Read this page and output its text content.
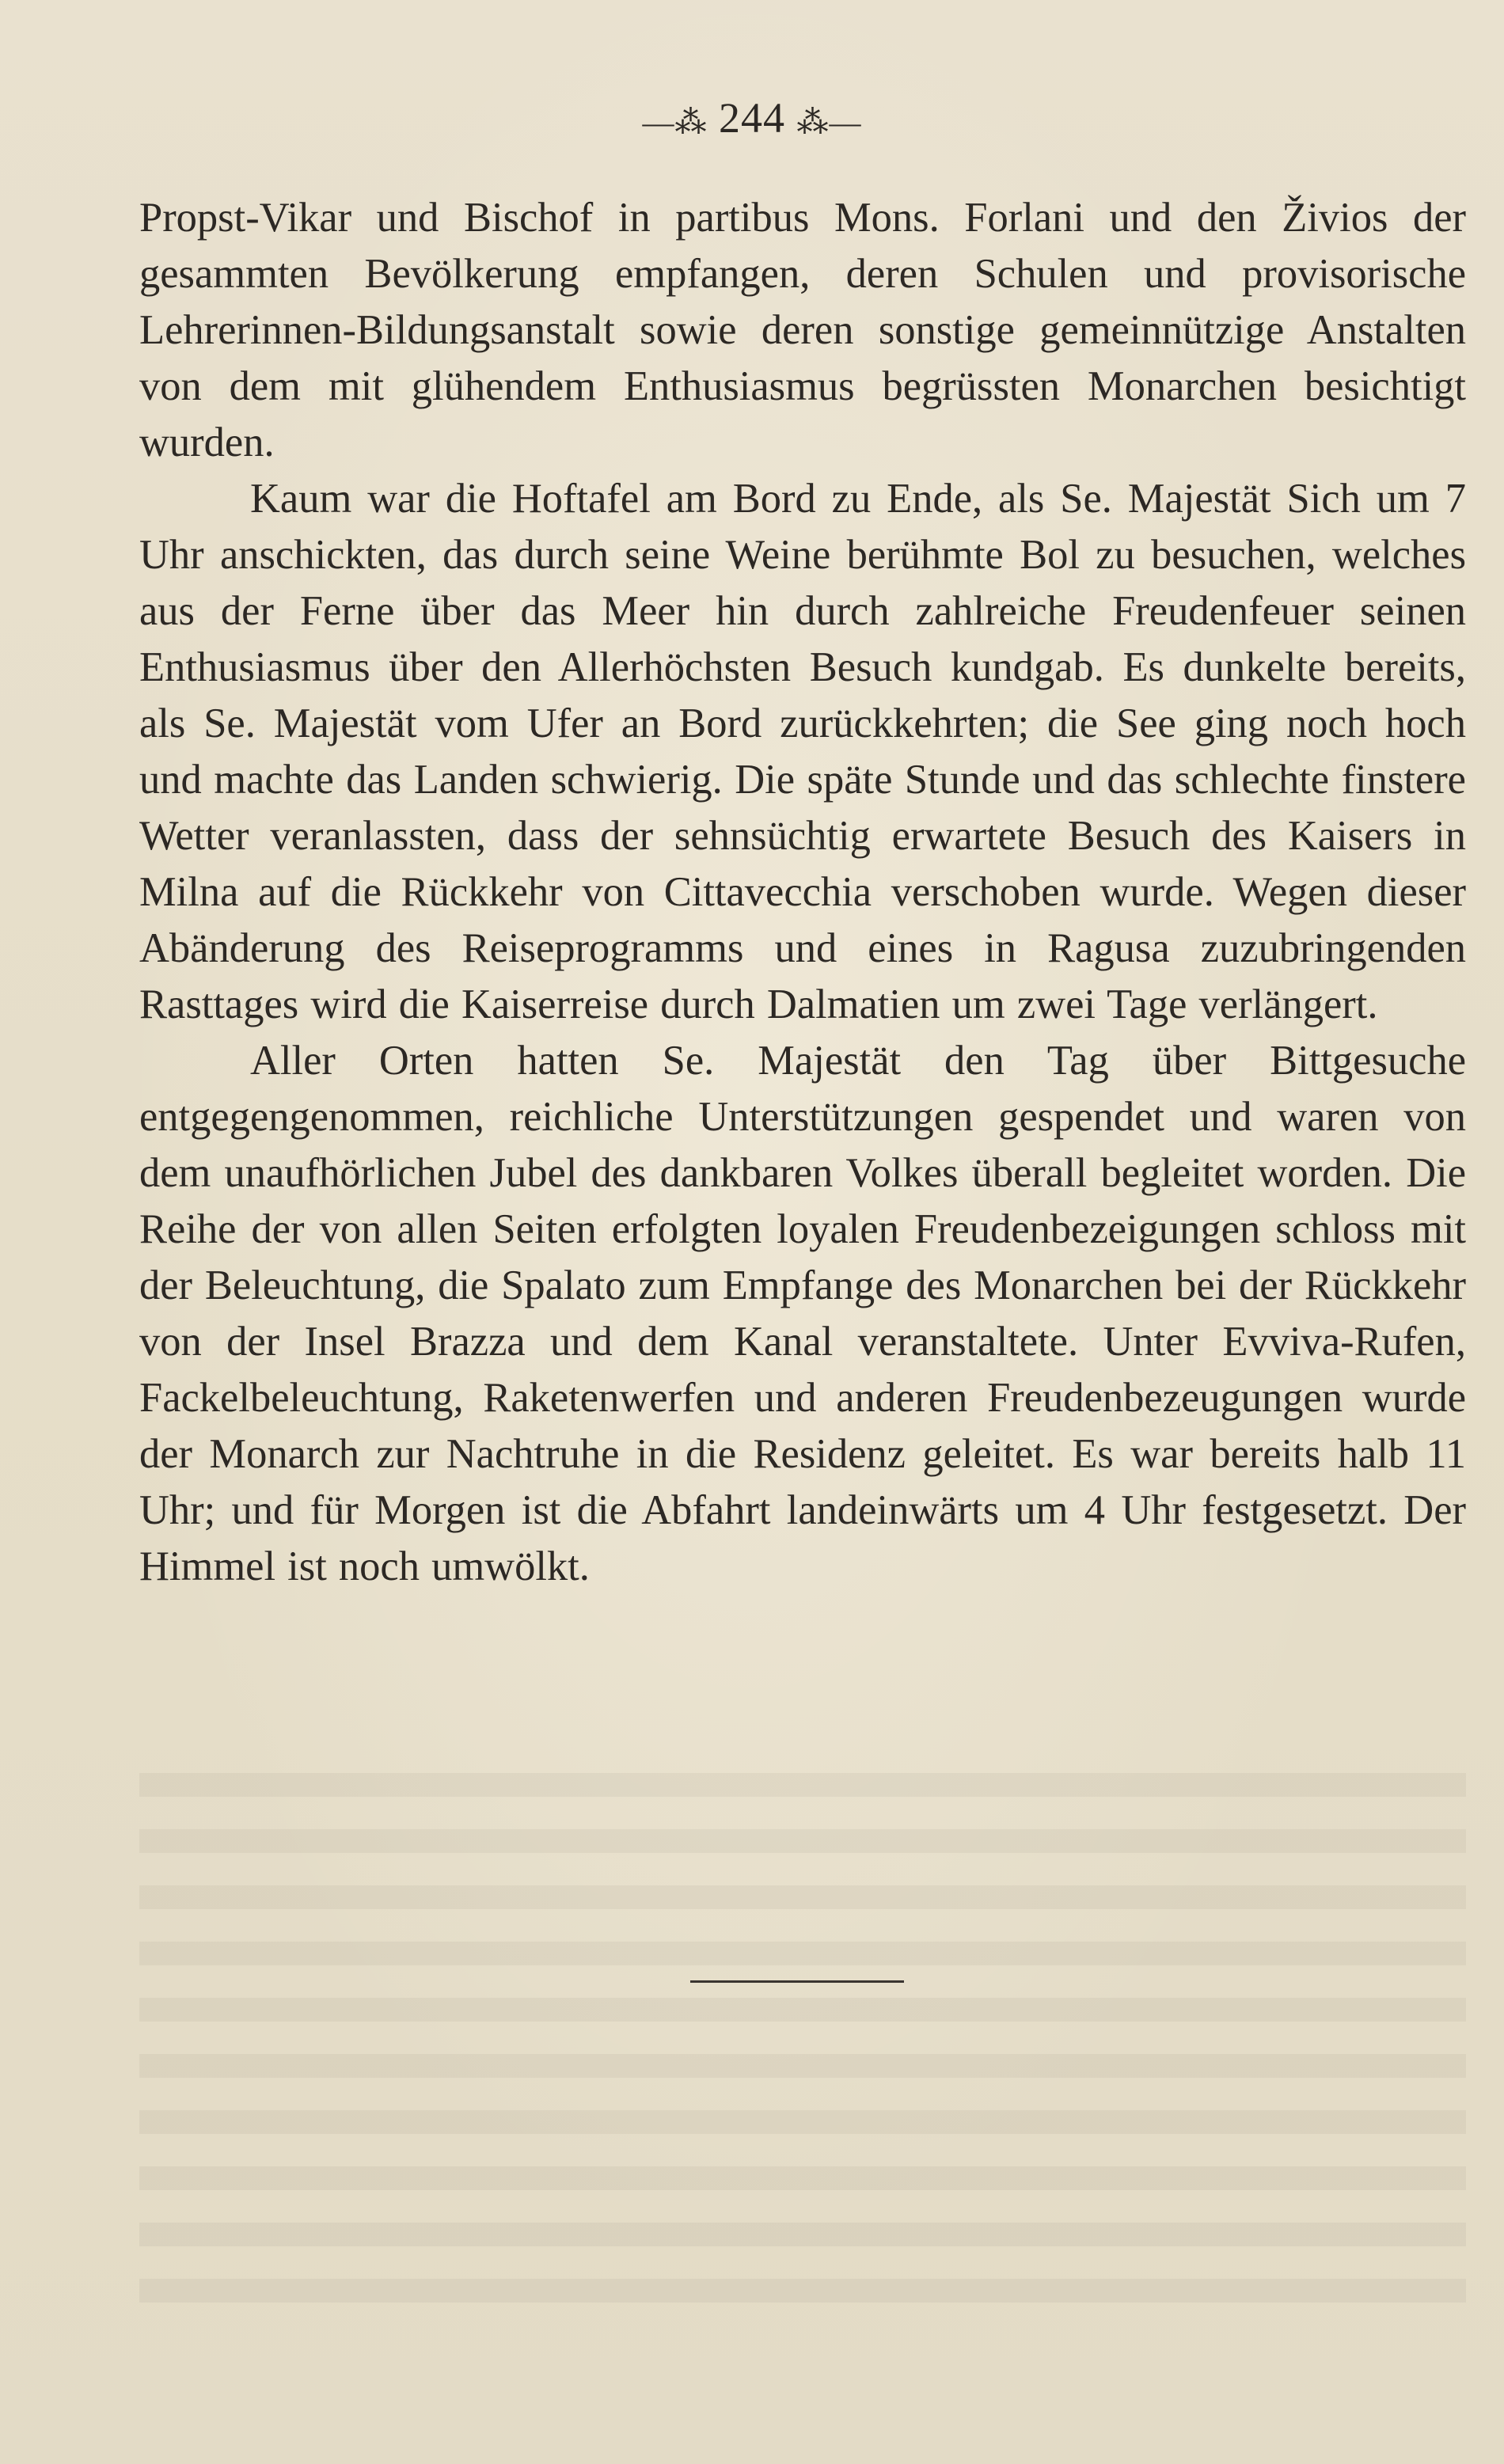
—⁂ 244 ⁂—

Propst-Vikar und Bischof in partibus Mons. Forlani und den Živios der gesammten Bevölkerung empfangen, deren Schulen und provisorische Lehrerinnen-Bildungsanstalt sowie deren sonstige gemeinnützige Anstalten von dem mit glühendem Enthusiasmus begrüssten Monarchen besichtigt wurden.

Kaum war die Hoftafel am Bord zu Ende, als Se. Majestät Sich um 7 Uhr anschickten, das durch seine Weine berühmte Bol zu besuchen, welches aus der Ferne über das Meer hin durch zahlreiche Freudenfeuer seinen Enthusiasmus über den Allerhöchsten Besuch kundgab. Es dunkelte bereits, als Se. Majestät vom Ufer an Bord zurückkehrten; die See ging noch hoch und machte das Landen schwierig. Die späte Stunde und das schlechte finstere Wetter veranlassten, dass der sehnsüchtig erwartete Besuch des Kaisers in Milna auf die Rückkehr von Cittavecchia verschoben wurde. Wegen dieser Abänderung des Reiseprogramms und eines in Ragusa zuzubringenden Rasttages wird die Kaiserreise durch Dalmatien um zwei Tage verlängert.

Aller Orten hatten Se. Majestät den Tag über Bittgesuche entgegengenommen, reichliche Unterstützungen gespendet und waren von dem unaufhörlichen Jubel des dankbaren Volkes überall begleitet worden. Die Reihe der von allen Seiten erfolgten loyalen Freudenbezeigungen schloss mit der Beleuchtung, die Spalato zum Empfange des Monarchen bei der Rückkehr von der Insel Brazza und dem Kanal veranstaltete. Unter Evviva-Rufen, Fackelbeleuchtung, Raketenwerfen und anderen Freudenbezeugungen wurde der Monarch zur Nachtruhe in die Residenz geleitet. Es war bereits halb 11 Uhr; und für Morgen ist die Abfahrt landeinwärts um 4 Uhr festgesetzt. Der Himmel ist noch umwölkt.
